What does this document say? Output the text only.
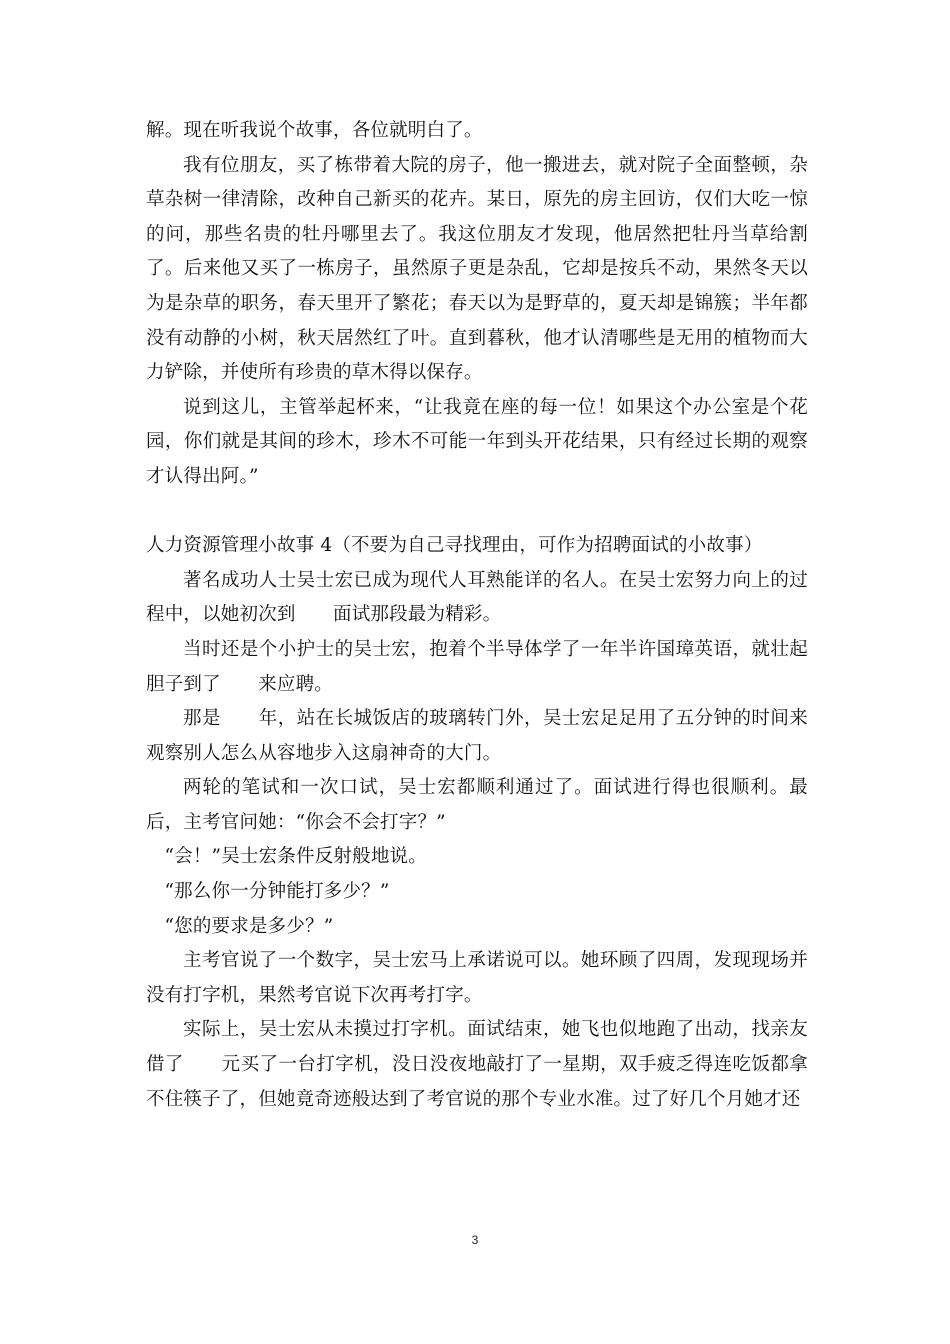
解。现在听我说个故事，各位就明白了。

我有位朋友，买了栋带着大院的房子，他一搬进去，就对院子全面整顿，杂草杂树一律清除，改种自己新买的花卉。某日，原先的房主回访，仅们大吃一惊的问，那些名贵的牡丹哪里去了。我这位朋友才发现，他居然把牡丹当草给割了。后来他又买了一栋房子，虽然原子更是杂乱，它却是按兵不动，果然冬天以为是杂草的职务，春天里开了繁花；春天以为是野草的，夏天却是锦簇；半年都没有动静的小树，秋天居然红了叶。直到暮秋，他才认清哪些是无用的植物而大力铲除，并使所有珍贵的草木得以保存。

说到这儿，主管举起杯来，“让我竟在座的每一位！如果这个办公室是个花园，你们就是其间的珍木，珍木不可能一年到头开花结果，只有经过长期的观察才认得出阿。”

人力资源管理小故事 4（不要为自己寻找理由，可作为招聘面试的小故事）

著名成功人士吴士宏已成为现代人耳熟能详的名人。在吴士宏努力向上的过程中，以她初次到　　面试那段最为精彩。

当时还是个小护士的吴士宏，抱着个半导体学了一年半许国璋英语，就壮起胆子到了　　来应聘。

那是　　年，站在长城饭店的玻璃转门外，吴士宏足足用了五分钟的时间来观察别人怎么从容地步入这扇神奇的大门。

两轮的笔试和一次口试，吴士宏都顺利通过了。面试进行得也很顺利。最后，主考官问她：“你会不会打字？”

“会！”吴士宏条件反射般地说。

“那么你一分钟能打多少？”

“您的要求是多少？”

主考官说了一个数字，吴士宏马上承诺说可以。她环顾了四周，发现现场并没有打字机，果然考官说下次再考打字。

实际上，吴士宏从未摸过打字机。面试结束，她飞也似地跑了出动，找亲友借了　　元买了一台打字机，没日没夜地敲打了一星期，双手疲乏得连吃饭都拿不住筷子了，但她竟奇迹般达到了考官说的那个专业水准。过了好几个月她才还

3
